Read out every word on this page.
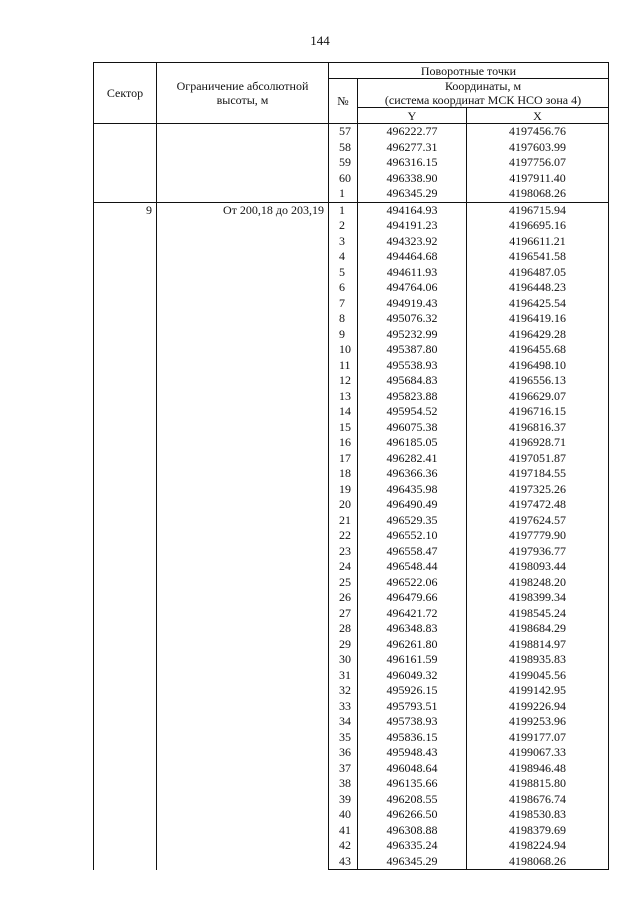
144
Сектор	Ограничение абсолютной высоты, м	Поворотные точки		
		№	Координаты, м
(система координат МСК НСО зона 4)	
			Y	X
		57	496222.77	4197456.76
		58	496277.31	4197603.99
		59	496316.15	4197756.07
		60	496338.90	4197911.40
		1	496345.29	4198068.26
9	От 200,18 до 203,19	1	494164.93	4196715.94
		2	494191.23	4196695.16
		3	494323.92	4196611.21
		4	494464.68	4196541.58
		5	494611.93	4196487.05
		6	494764.06	4196448.23
		7	494919.43	4196425.54
		8	495076.32	4196419.16
		9	495232.99	4196429.28
		10	495387.80	4196455.68
		11	495538.93	4196498.10
		12	495684.83	4196556.13
		13	495823.88	4196629.07
		14	495954.52	4196716.15
		15	496075.38	4196816.37
		16	496185.05	4196928.71
		17	496282.41	4197051.87
		18	496366.36	4197184.55
		19	496435.98	4197325.26
		20	496490.49	4197472.48
		21	496529.35	4197624.57
		22	496552.10	4197779.90
		23	496558.47	4197936.77
		24	496548.44	4198093.44
		25	496522.06	4198248.20
		26	496479.66	4198399.34
		27	496421.72	4198545.24
		28	496348.83	4198684.29
		29	496261.80	4198814.97
		30	496161.59	4198935.83
		31	496049.32	4199045.56
		32	495926.15	4199142.95
		33	495793.51	4199226.94
		34	495738.93	4199253.96
		35	495836.15	4199177.07
		36	495948.43	4199067.33
		37	496048.64	4198946.48
		38	496135.66	4198815.80
		39	496208.55	4198676.74
		40	496266.50	4198530.83
		41	496308.88	4198379.69
		42	496335.24	4198224.94
		43	496345.29	4198068.26
